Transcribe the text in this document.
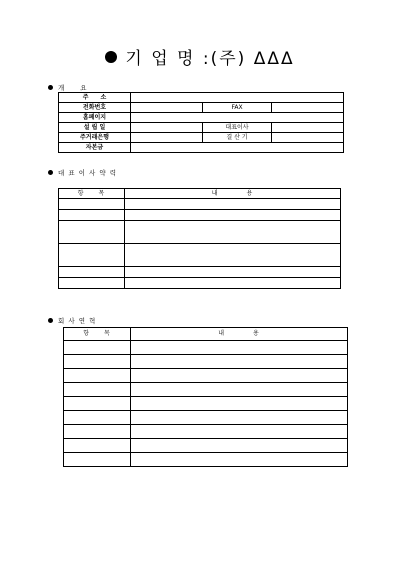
기 업 명 :(주) ΔΔΔ
개　　요
주　　소			
전화번호		FAX	
홈페이지			
설 립 일		대표이사	
주거래은행		결 산 기	
자본금			
대 표 이 사 약 력
항　　목	내　　　　용

회 사 연 혁
항　　목	내　　　　용
